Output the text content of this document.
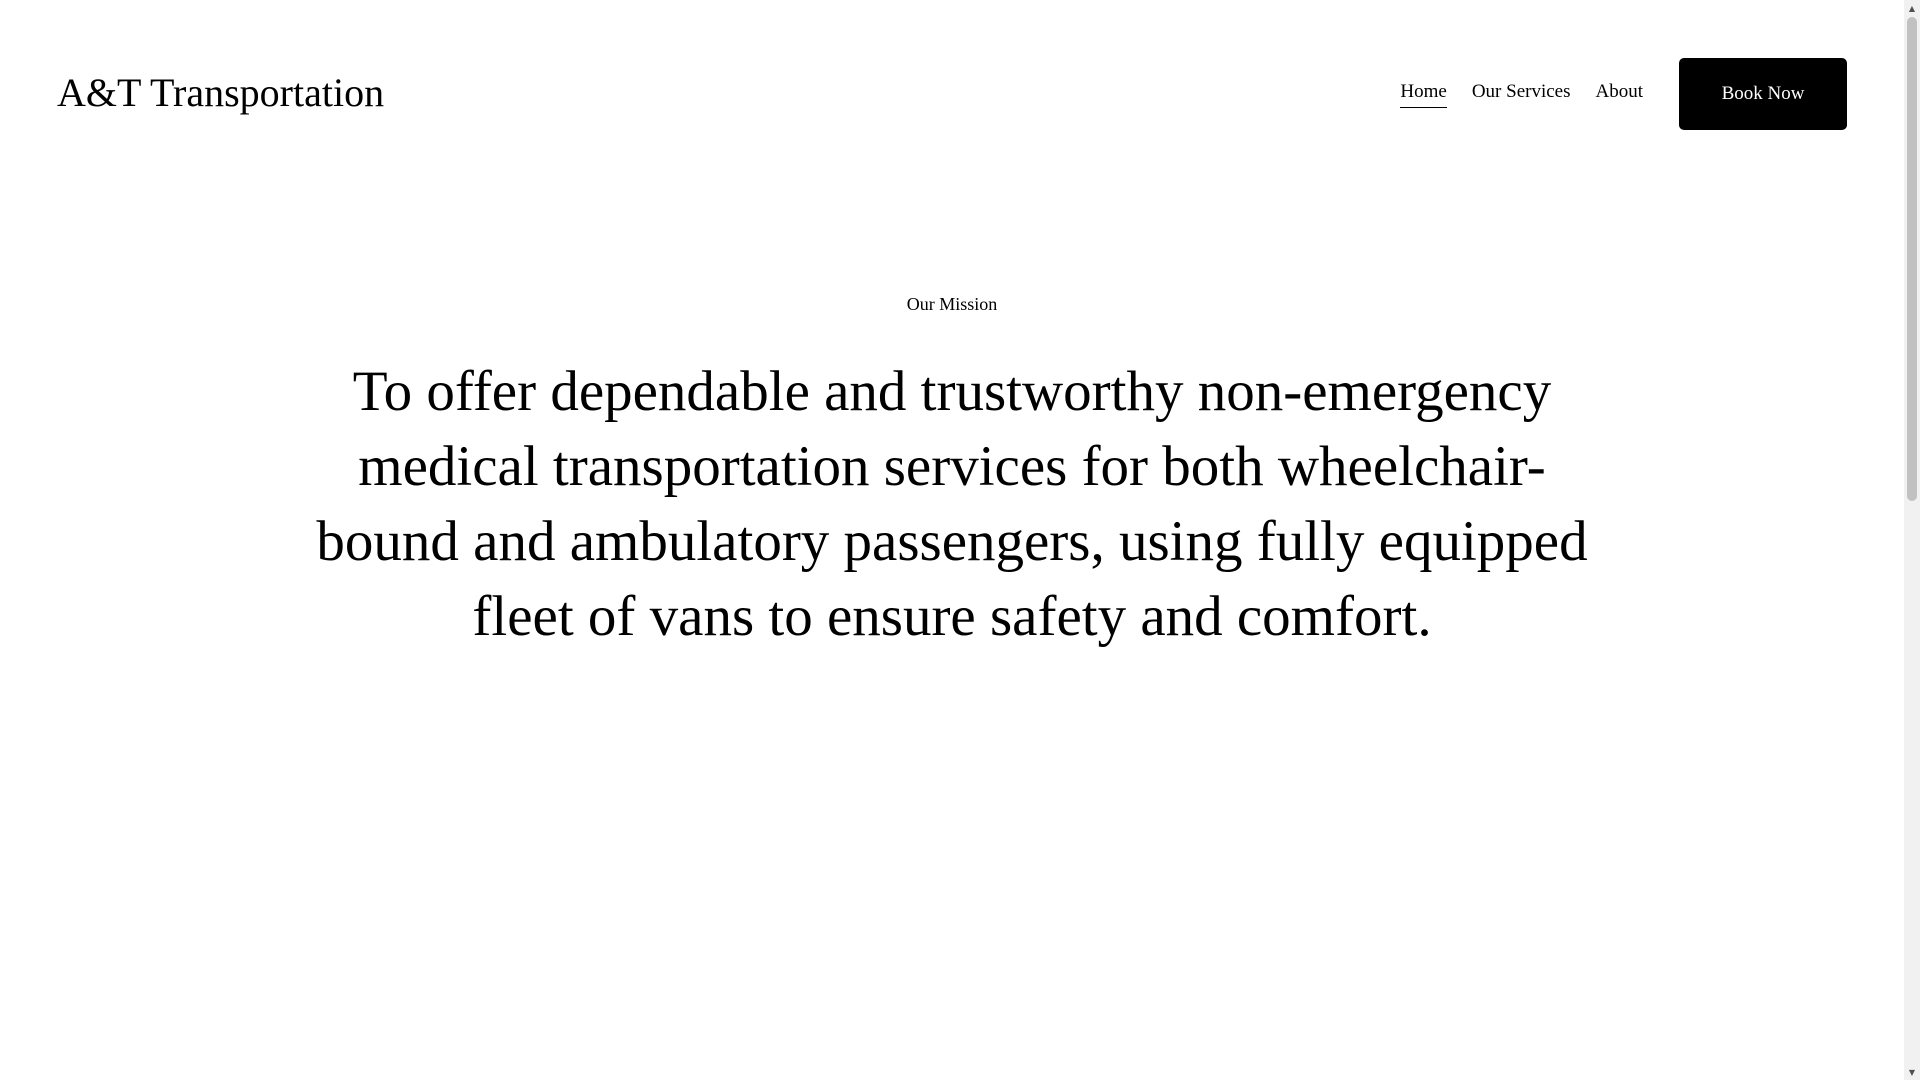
A&T Transportation	Home Our Services About	Book Now
Our Mission
To offer dependable and trustworthy non-emergency medical transportation services for both wheelchair-bound and ambulatory passengers, using fully equipped fleet of vans to ensure safety and comfort.
▲
▼
